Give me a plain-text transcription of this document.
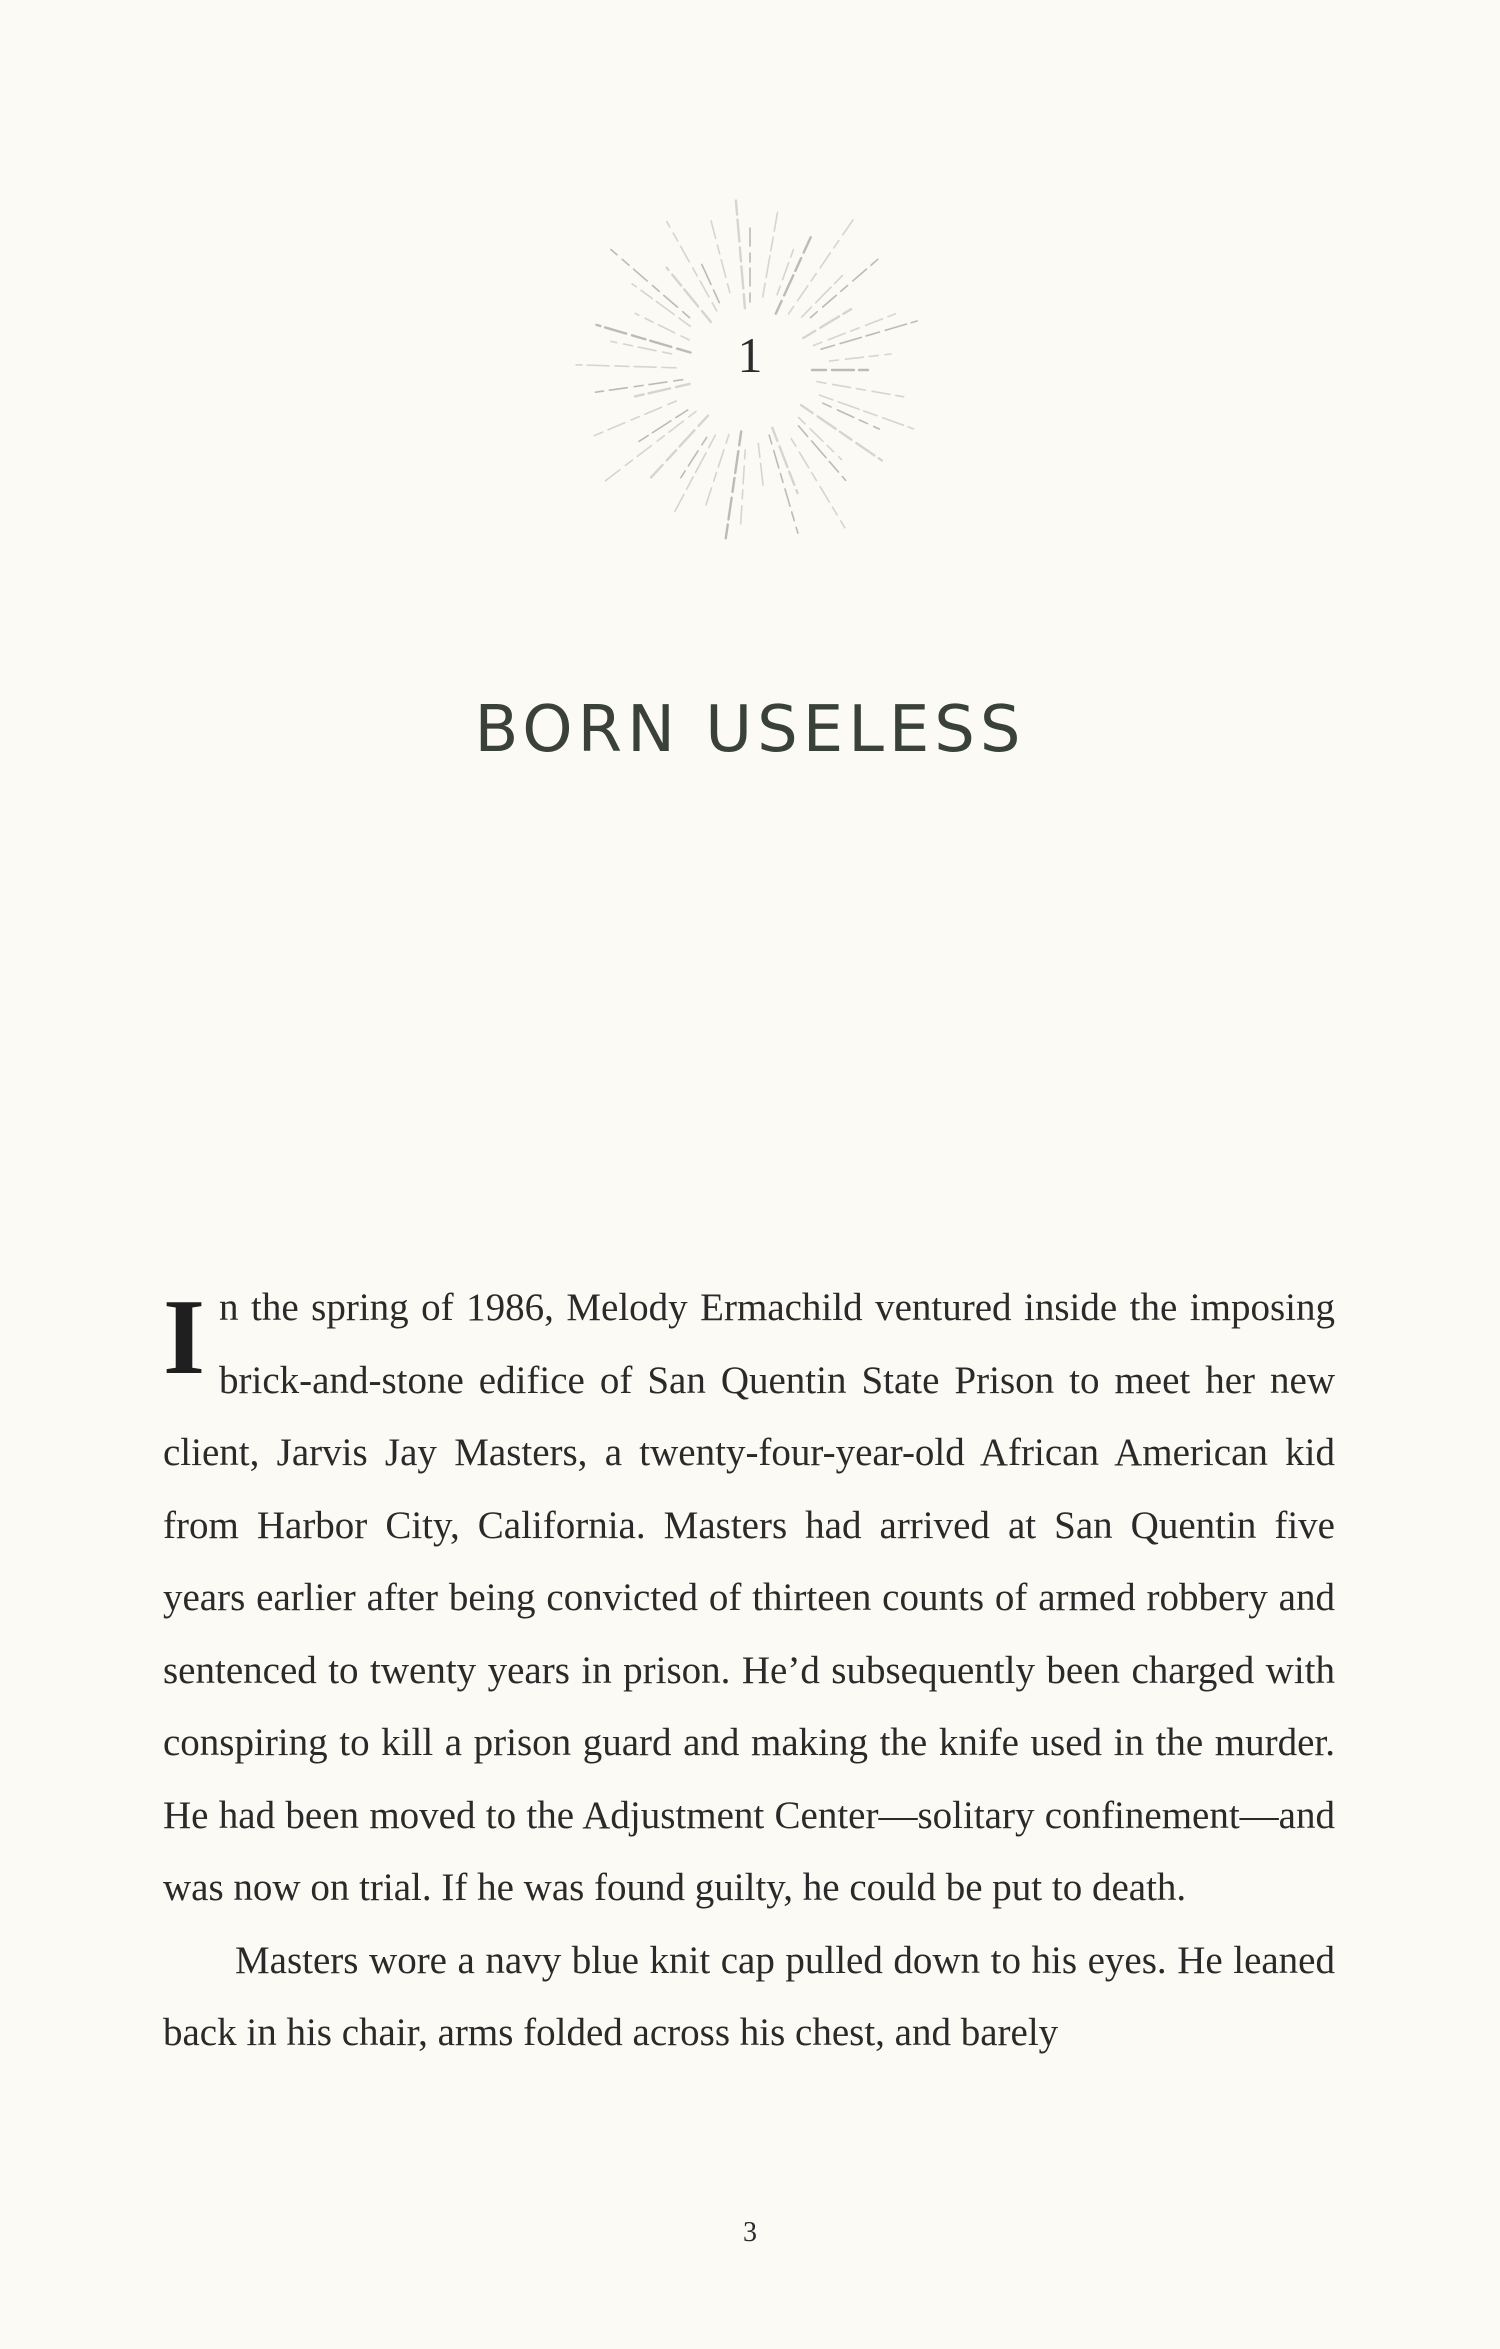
1
BORN USELESS

In the spring of 1986, Melody Ermachild ventured inside the imposing brick-and-stone edifice of San Quentin State Prison to meet her new client, Jarvis Jay Masters, a twenty-four-year-old African American kid from Harbor City, California. Masters had arrived at San Quentin five years earlier after being convicted of thirteen counts of armed robbery and sentenced to twenty years in prison. He’d subsequently been charged with conspiring to kill a prison guard and making the knife used in the murder. He had been moved to the Adjustment Center—solitary confinement—and was now on trial. If he was found guilty, he could be put to death.

Masters wore a navy blue knit cap pulled down to his eyes. He leaned back in his chair, arms folded across his chest, and barely

3
